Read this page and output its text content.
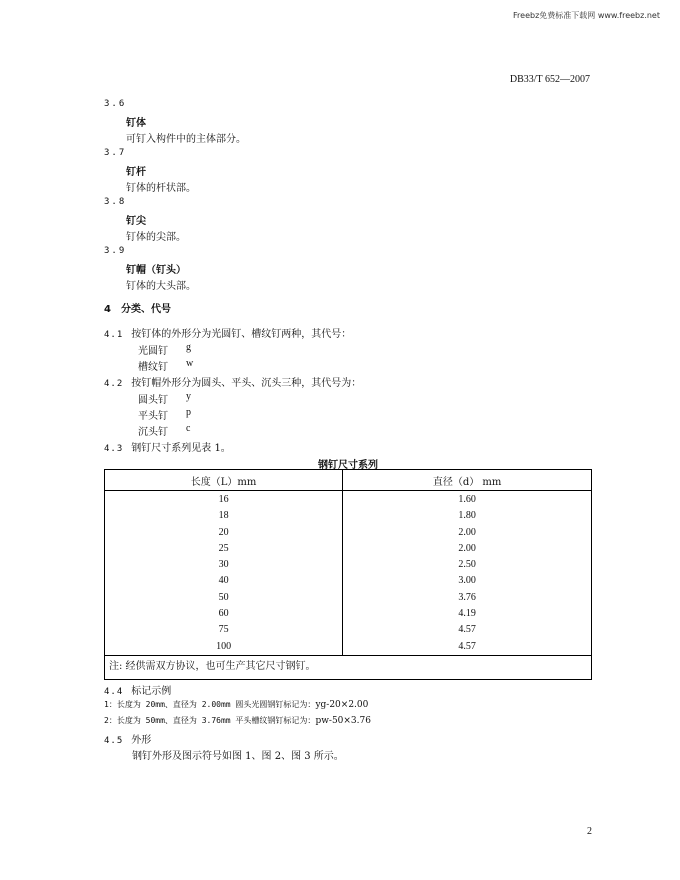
Freebz免费标准下载网 www.freebz.net
DB33/T 652—2007
3.6
钉体
可钉入构件中的主体部分。
3.7
钉杆
钉体的杆状部。
3.8
钉尖
钉体的尖部。
3.9
钉帽（钉头）
钉体的大头部。
4　分类、代号
4.1 按钉体的外形分为光圆钉、槽纹钉两种，其代号：
光圆钉 g
槽纹钉 w
4.2 按钉帽外形分为圆头、平头、沉头三种，其代号为：
圆头钉 y
平头钉 p
沉头钉 c
4.3 钢钉尺寸系列见表 1。
钢钉尺寸系列
长度（L）mm	直径（d） mm
16	1.60
18	1.80
20	2.00
25	2.00
30	2.50
40	3.00
50	3.76
60	4.19
75	4.57
100	4.57
注: 经供需双方协议，也可生产其它尺寸钢钉。	
4.4 标记示例
1：长度为 20mm、直径为 2.00mm 圆头光圆钢钉标记为：yg-20×2.00
2：长度为 50mm、直径为 3.76mm 平头槽纹钢钉标记为：pw-50×3.76
4.5 外形
钢钉外形及图示符号如图 1、图 2、图 3 所示。
2
